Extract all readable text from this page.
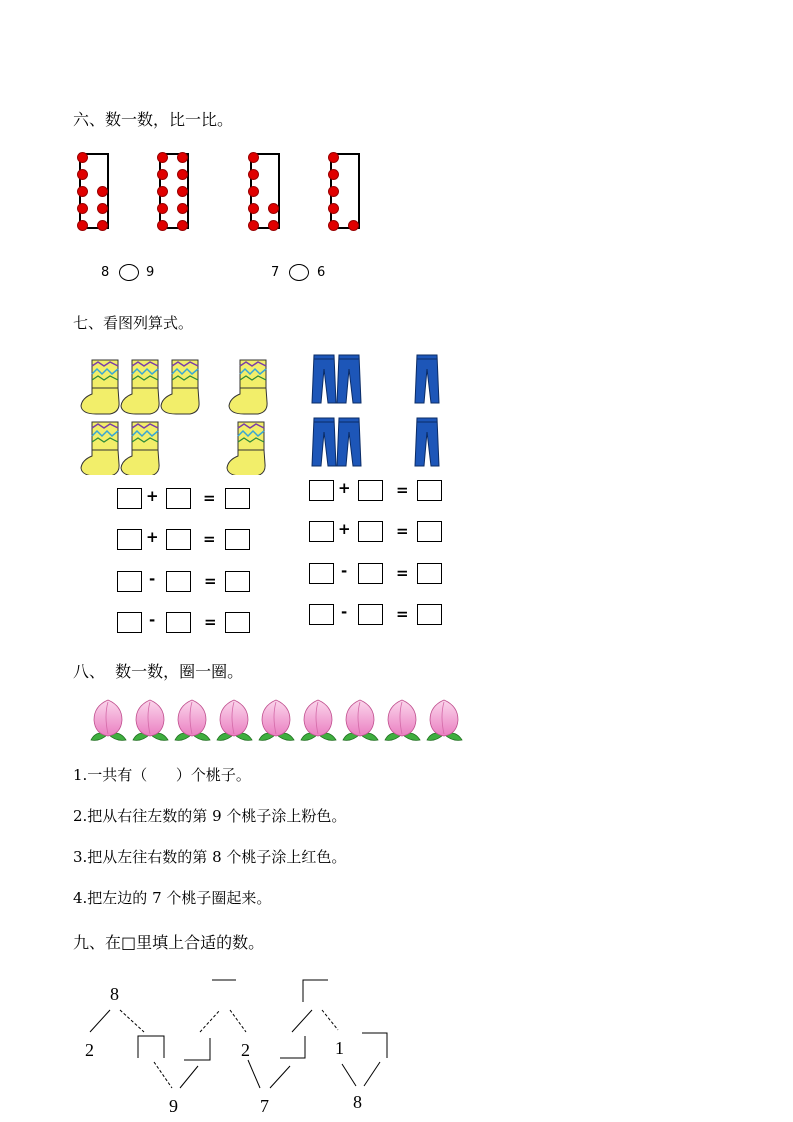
六、数一数，比一比。
8	9	7	6
七、看图列算式。
+	=
+	=
-	=
-	=
+	=
+	=
-	=
-	=
八、  数一数，圈一圈。
1.一共有（      ）个桃子。
2.把从右往左数的第 9 个桃子涂上粉色。
3.把从左往右数的第 8 个桃子涂上红色。
4.把左边的 7 个桃子圈起来。
九、在□里填上合适的数。
8
2
9
2
7
1
8
